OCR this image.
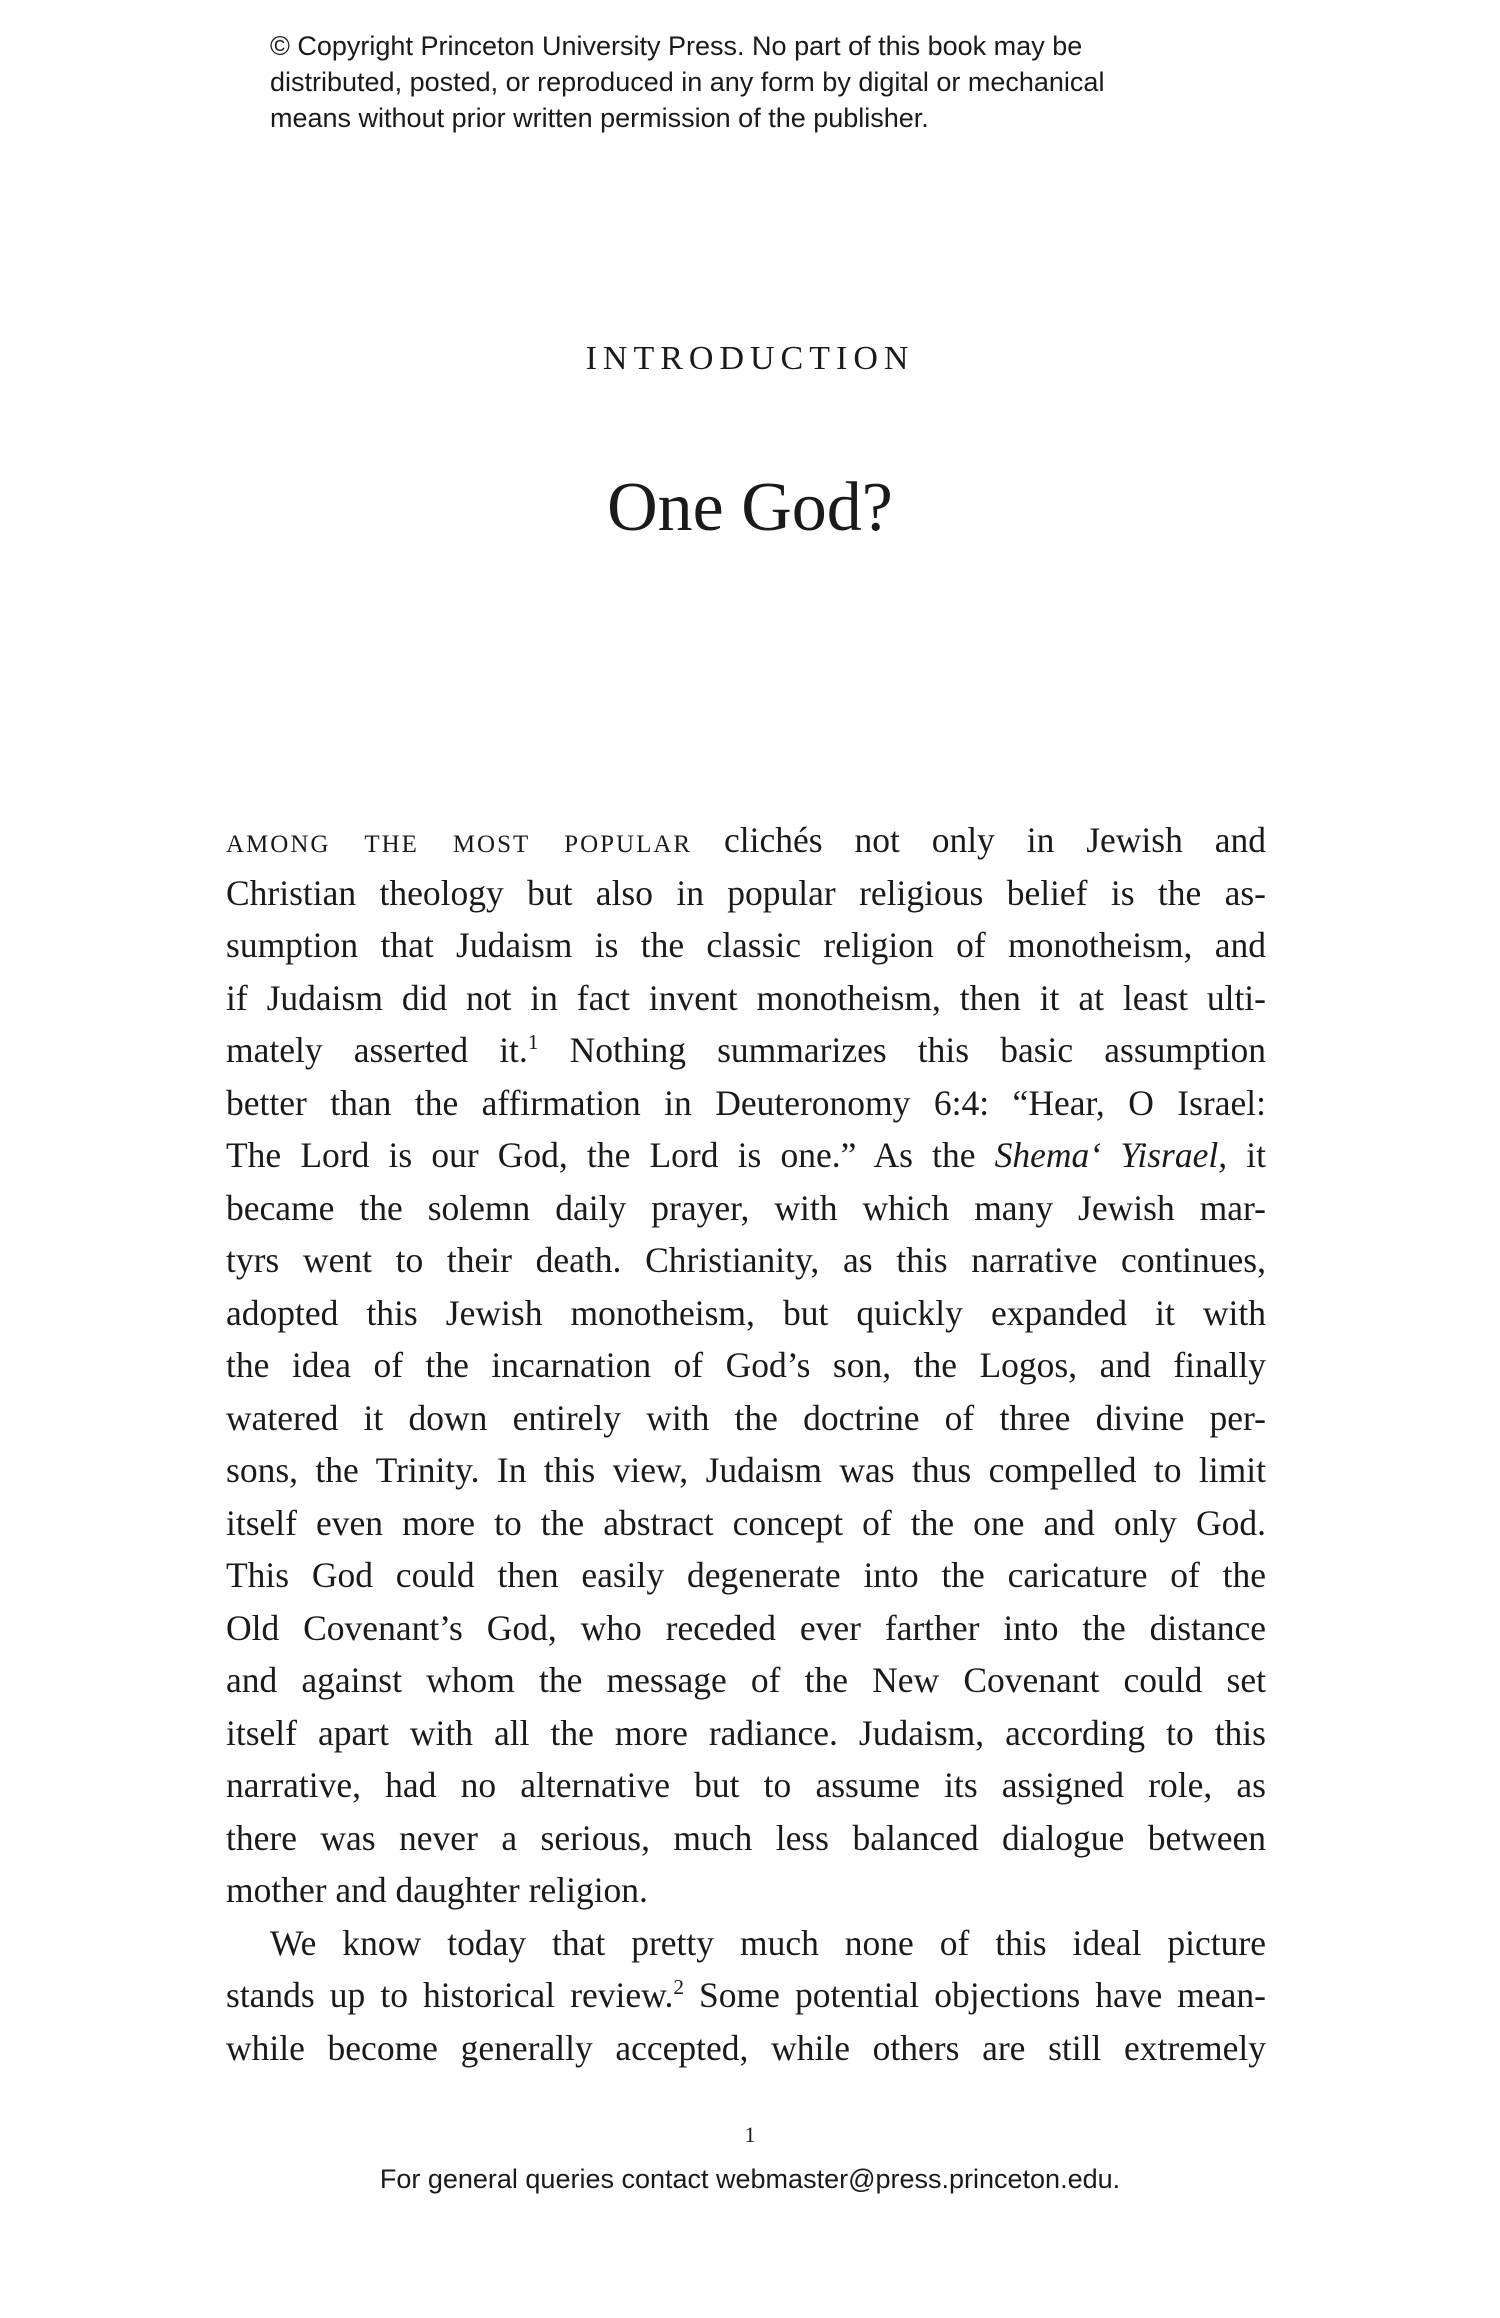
© Copyright Princeton University Press. No part of this book may be
distributed, posted, or reproduced in any form by digital or mechanical
means without prior written permission of the publisher.
INTRODUCTION
One God?
among the most popular clichés not only in Jewish and
Christian theology but also in popular religious belief is the as-
sumption that Judaism is the classic religion of monotheism, and
if Judaism did not in fact invent monotheism, then it at least ulti-
mately asserted it.$^1$ Nothing summarizes this basic assumption
better than the affirmation in Deuteronomy 6:4: “Hear, O Israel:
The Lord is our God, the Lord is one.” As the Shema‘ Yisrael, it
became the solemn daily prayer, with which many Jewish mar-
tyrs went to their death. Christianity, as this narrative continues,
adopted this Jewish monotheism, but quickly expanded it with
the idea of the incarnation of God’s son, the Logos, and finally
watered it down entirely with the doctrine of three divine per-
sons, the Trinity. In this view, Judaism was thus compelled to limit
itself even more to the abstract concept of the one and only God.
This God could then easily degenerate into the caricature of the
Old Covenant’s God, who receded ever farther into the distance
and against whom the message of the New Covenant could set
itself apart with all the more radiance. Judaism, according to this
narrative, had no alternative but to assume its assigned role, as
there was never a serious, much less balanced dialogue between
mother and daughter religion.
We know today that pretty much none of this ideal picture
stands up to historical review.$^2$ Some potential objections have mean-
while become generally accepted, while others are still extremely
1
For general queries contact webmaster@press.princeton.edu.
